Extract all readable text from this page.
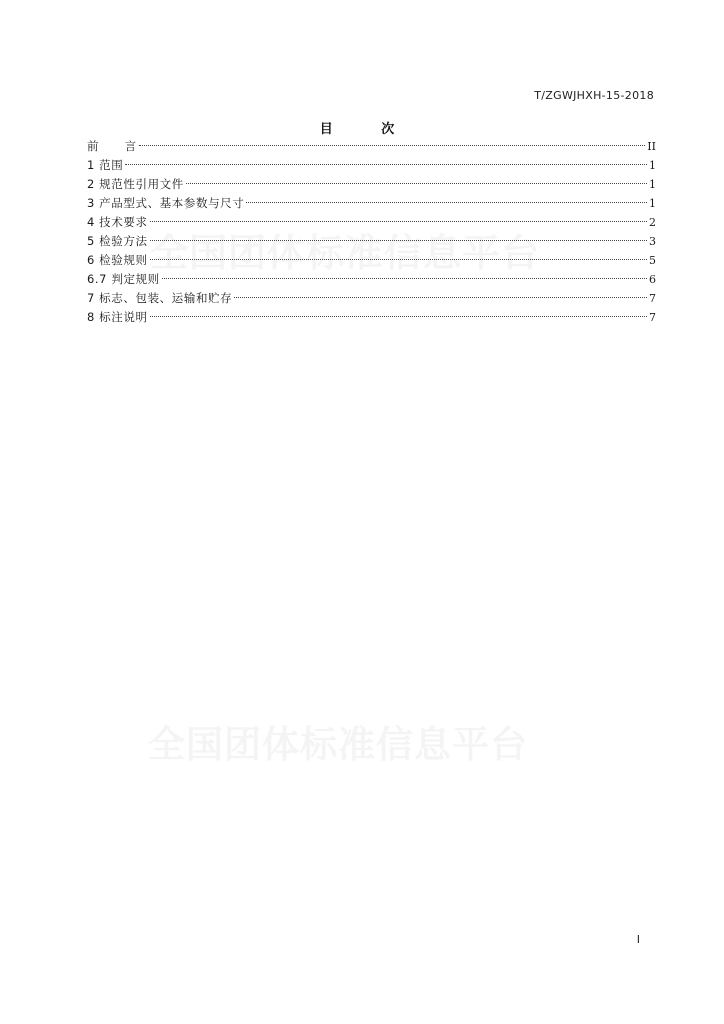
全国团体标准信息平台
全国团体标准信息平台
T/ZGWJHXH-15-2018
目 次
前      言	II
1 范围	1
2 规范性引用文件	1
3 产品型式、基本参数与尺寸	1
4 技术要求	2
5 检验方法	3
6 检验规则	5
6.7 判定规则	6
7 标志、包装、运输和贮存	7
8 标注说明	7
I
